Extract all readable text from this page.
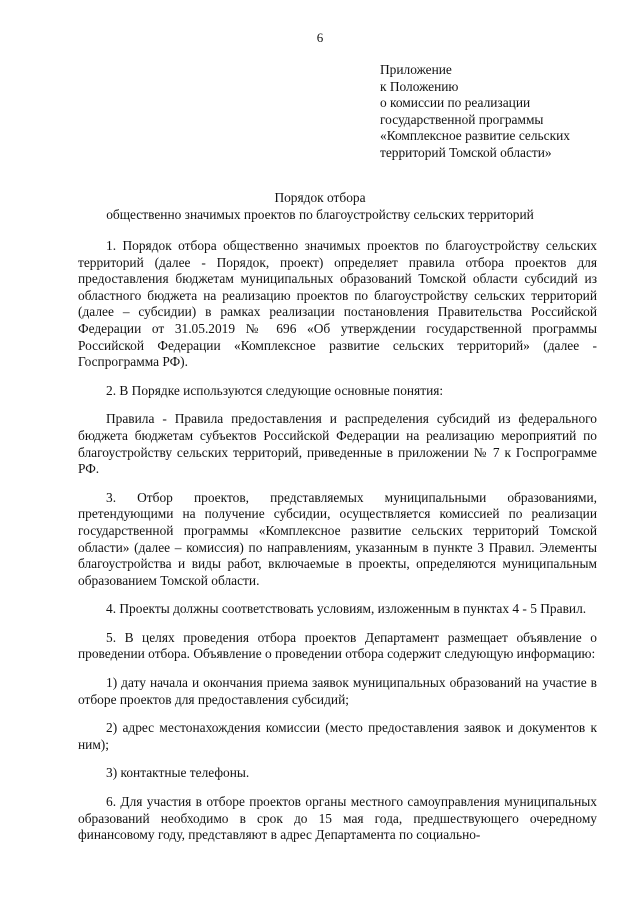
6
Приложение
к Положению
о комиссии по реализации
государственной программы
«Комплексное развитие сельских
территорий Томской области»
Порядок отбора
общественно значимых проектов по благоустройству сельских территорий

1. Порядок отбора общественно значимых проектов по благоустройству сельских территорий (далее - Порядок, проект) определяет правила отбора проектов для предоставления бюджетам муниципальных образований Томской области субсидий из областного бюджета на реализацию проектов по благоустройству сельских территорий (далее – субсидии) в рамках реализации постановления Правительства Российской Федерации от 31.05.2019 № 696 «Об утверждении государственной программы Российской Федерации «Комплексное развитие сельских территорий» (далее - Госпрограмма РФ).

2. В Порядке используются следующие основные понятия:

Правила - Правила предоставления и распределения субсидий из федерального бюджета бюджетам субъектов Российской Федерации на реализацию мероприятий по благоустройству сельских территорий, приведенные в приложении № 7 к Госпрограмме РФ.

3. Отбор проектов, представляемых муниципальными образованиями, претендующими на получение субсидии, осуществляется комиссией по реализации государственной программы «Комплексное развитие сельских территорий Томской области» (далее – комиссия) по направлениям, указанным в пункте 3 Правил. Элементы благоустройства и виды работ, включаемые в проекты, определяются муниципальным образованием Томской области.

4. Проекты должны соответствовать условиям, изложенным в пунктах 4 - 5 Правил.

5. В целях проведения отбора проектов Департамент размещает объявление о проведении отбора. Объявление о проведении отбора содержит следующую информацию:

1) дату начала и окончания приема заявок муниципальных образований на участие в отборе проектов для предоставления субсидий;

2) адрес местонахождения комиссии (место предоставления заявок и документов к ним);

3) контактные телефоны.

6. Для участия в отборе проектов органы местного самоуправления муниципальных образований необходимо в срок до 15 мая года, предшествующего очередному финансовому году, представляют в адрес Департамента по социально-
